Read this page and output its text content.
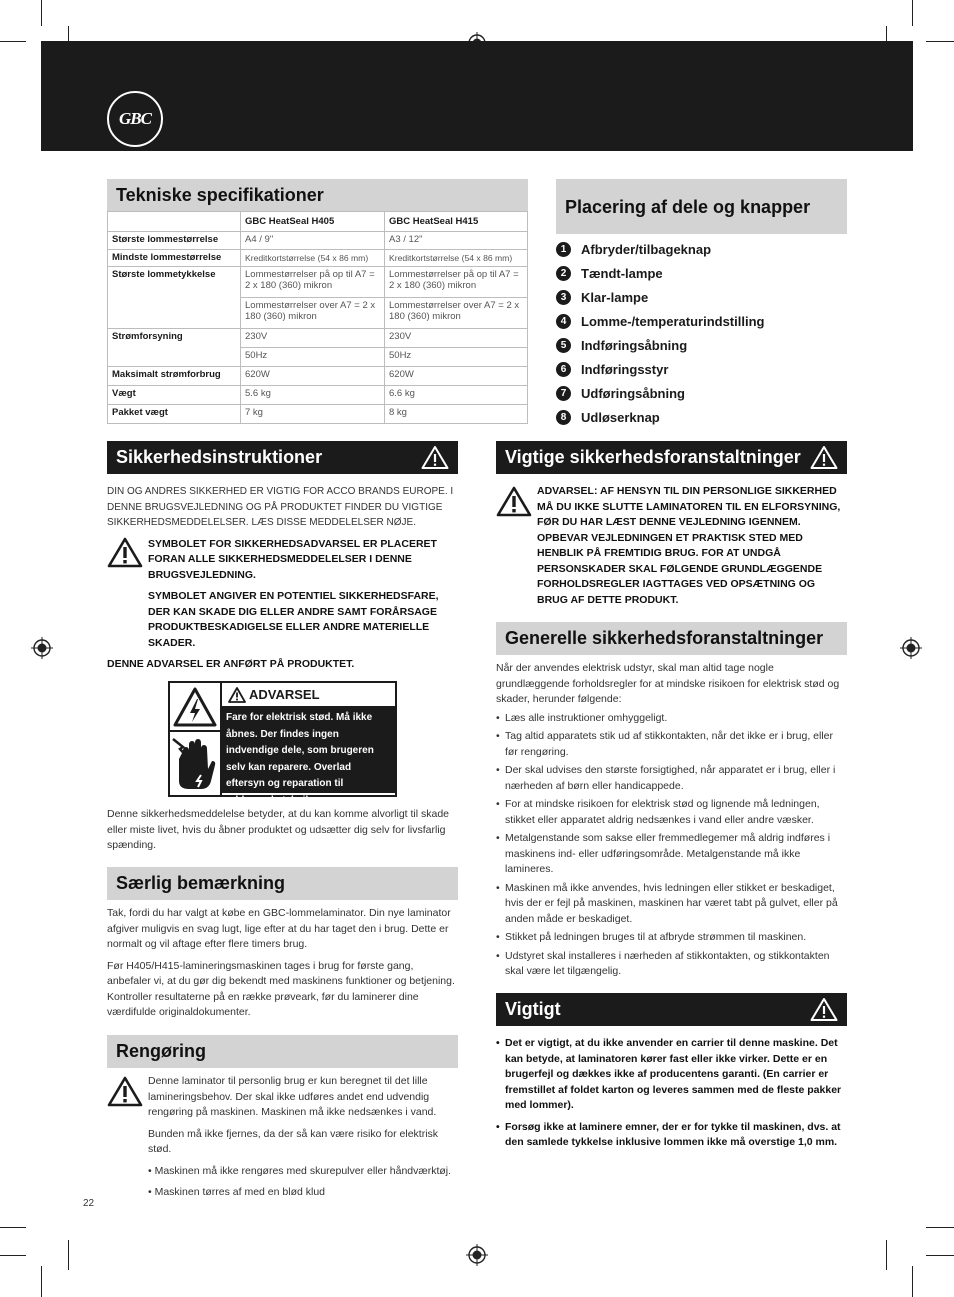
GBC
Tekniske specifikationer
	GBC HeatSeal H405	GBC HeatSeal H415
Største lommestørrelse	A4 / 9"	A3 / 12"
Mindste lommestørrelse	Kreditkortstørrelse (54 x 86 mm)	Kreditkortstørrelse (54 x 86 mm)
Største lommetykkelse	Lommestørrelser på op til A7 = 2 x 180 (360) mikron	Lommestørrelser på op til A7 = 2 x 180 (360) mikron
	Lommestørrelser over A7 = 2 x 180 (360) mikron	Lommestørrelser over A7 = 2 x 180 (360) mikron
Strømforsyning	230V	230V
	50Hz	50Hz
Maksimalt strømforbrug	620W	620W
Vægt	5.6 kg	6.6 kg
Pakket vægt	7 kg	8 kg
Sikkerhedsinstruktioner

DIN OG ANDRES SIKKERHED ER VIGTIG FOR ACCO BRANDS EUROPE. I DENNE BRUGSVEJLEDNING OG PÅ PRODUKTET FINDER DU VIGTIGE SIKKERHEDSMEDDELELSER. LÆS DISSE MEDDELELSER NØJE.

SYMBOLET FOR SIKKERHEDSADVARSEL ER PLACERET FORAN ALLE SIKKERHEDSMEDDELELSER I DENNE BRUGSVEJLEDNING.

SYMBOLET ANGIVER EN POTENTIEL SIKKERHEDSFARE, DER KAN SKADE DIG ELLER ANDRE SAMT FORÅRSAGE PRODUKTBESKADIGELSE ELLER ANDRE MATERIELLE SKADER.

DENNE ADVARSEL ER ANFØRT PÅ PRODUKTET.

ADVARSEL
Fare for elektrisk stød. Må ikke åbnes. Der findes ingen indvendige dele, som brugeren selv kan reparere. Overlad eftersyn og reparation til uddannede teknikere.

Denne sikkerhedsmeddelelse betyder, at du kan komme alvorligt til skade eller miste livet, hvis du åbner produktet og udsætter dig selv for livsfarlig spænding.

Særlig bemærkning

Tak, fordi du har valgt at købe en GBC-lommelaminator. Din nye laminator afgiver muligvis en svag lugt, lige efter at du har taget den i brug. Dette er normalt og vil aftage efter flere timers brug.

Før H405/H415-lamineringsmaskinen tages i brug for første gang, anbefaler vi, at du gør dig bekendt med maskinens funktioner og betjening. Kontroller resultaterne på en række prøveark, før du laminerer dine værdifulde originaldokumenter.

Rengøring

Denne laminator til personlig brug er kun beregnet til det lille lamineringsbehov. Der skal ikke udføres andet end udvendig rengøring på maskinen. Maskinen må ikke nedsænkes i vand.

Bunden må ikke fjernes, da der så kan være risiko for elektrisk stød.

• Maskinen må ikke rengøres med skurepulver eller håndværktøj.

• Maskinen tørres af med en blød klud

22
Placering af dele og knapper
1	Afbryder/tilbageknap
2	Tændt-lampe
3	Klar-lampe
4	Lomme-/temperaturindstilling
5	Indføringsåbning
6	Indføringsstyr
7	Udføringsåbning
8	Udløserknap
Vigtige sikkerhedsforanstaltninger

ADVARSEL: AF HENSYN TIL DIN PERSONLIGE SIKKERHED MÅ DU IKKE SLUTTE LAMINATOREN TIL EN ELFORSYNING, FØR DU HAR LÆST DENNE VEJLEDNING IGENNEM. OPBEVAR VEJLEDNINGEN ET PRAKTISK STED MED HENBLIK PÅ FREMTIDIG BRUG. FOR AT UNDGÅ PERSONSKADER SKAL FØLGENDE GRUNDLÆGGENDE FORHOLDSREGLER IAGTTAGES VED OPSÆTNING OG BRUG AF DETTE PRODUKT.

Generelle sikkerhedsforanstaltninger

Når der anvendes elektrisk udstyr, skal man altid tage nogle grundlæggende forholdsregler for at mindske risikoen for elektrisk stød og skader, herunder følgende:

• Læs alle instruktioner omhyggeligt.
• Tag altid apparatets stik ud af stikkontakten, når det ikke er i brug, eller før rengøring.
• Der skal udvises den største forsigtighed, når apparatet er i brug, eller i nærheden af børn eller handicappede.
• For at mindske risikoen for elektrisk stød og lignende må ledningen, stikket eller apparatet aldrig nedsænkes i vand eller andre væsker.
• Metalgenstande som sakse eller fremmedlegemer må aldrig indføres i maskinens ind- eller udføringsområde. Metalgenstande må ikke lamineres.
• Maskinen må ikke anvendes, hvis ledningen eller stikket er beskadiget, hvis der er fejl på maskinen, maskinen har været tabt på gulvet, eller på anden måde er beskadiget.
• Stikket på ledningen bruges til at afbryde strømmen til maskinen.
• Udstyret skal installeres i nærheden af stikkontakten, og stikkontakten skal være let tilgængelig.
Vigtigt
• Det er vigtigt, at du ikke anvender en carrier til denne maskine. Det kan betyde, at laminatoren kører fast eller ikke virker. Dette er en brugerfejl og dækkes ikke af producentens garanti. (En carrier er fremstillet af foldet karton og leveres sammen med de fleste pakker med lommer).
• Forsøg ikke at laminere emner, der er for tykke til maskinen, dvs. at den samlede tykkelse inklusive lommen ikke må overstige 1,0 mm.
